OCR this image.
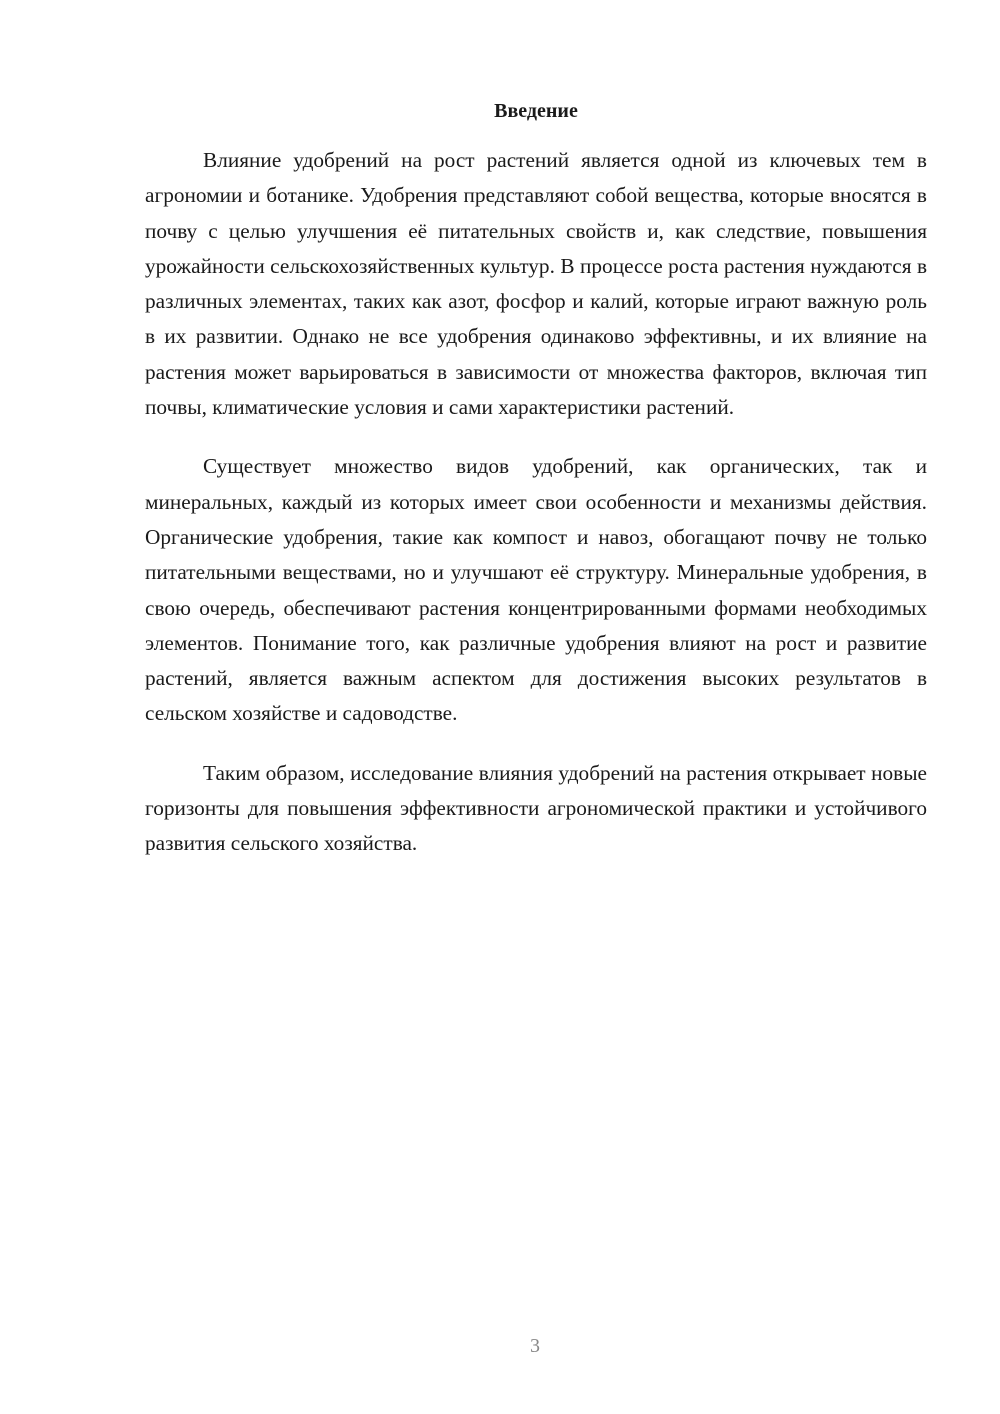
Введение

Влияние удобрений на рост растений является одной из ключевых тем в агрономии и ботанике. Удобрения представляют собой вещества, которые вносятся в почву с целью улучшения её питательных свойств и, как следствие, повышения урожайности сельскохозяйственных культур. В процессе роста растения нуждаются в различных элементах, таких как азот, фосфор и калий, которые играют важную роль в их развитии. Однако не все удобрения одинаково эффективны, и их влияние на растения может варьироваться в зависимости от множества факторов, включая тип почвы, климатические условия и сами характеристики растений.

Существует множество видов удобрений, как органических, так и минеральных, каждый из которых имеет свои особенности и механизмы действия. Органические удобрения, такие как компост и навоз, обогащают почву не только питательными веществами, но и улучшают её структуру. Минеральные удобрения, в свою очередь, обеспечивают растения концентрированными формами необходимых элементов. Понимание того, как различные удобрения влияют на рост и развитие растений, является важным аспектом для достижения высоких результатов в сельском хозяйстве и садоводстве.

Таким образом, исследование влияния удобрений на растения открывает новые горизонты для повышения эффективности агрономической практики и устойчивого развития сельского хозяйства.

3
